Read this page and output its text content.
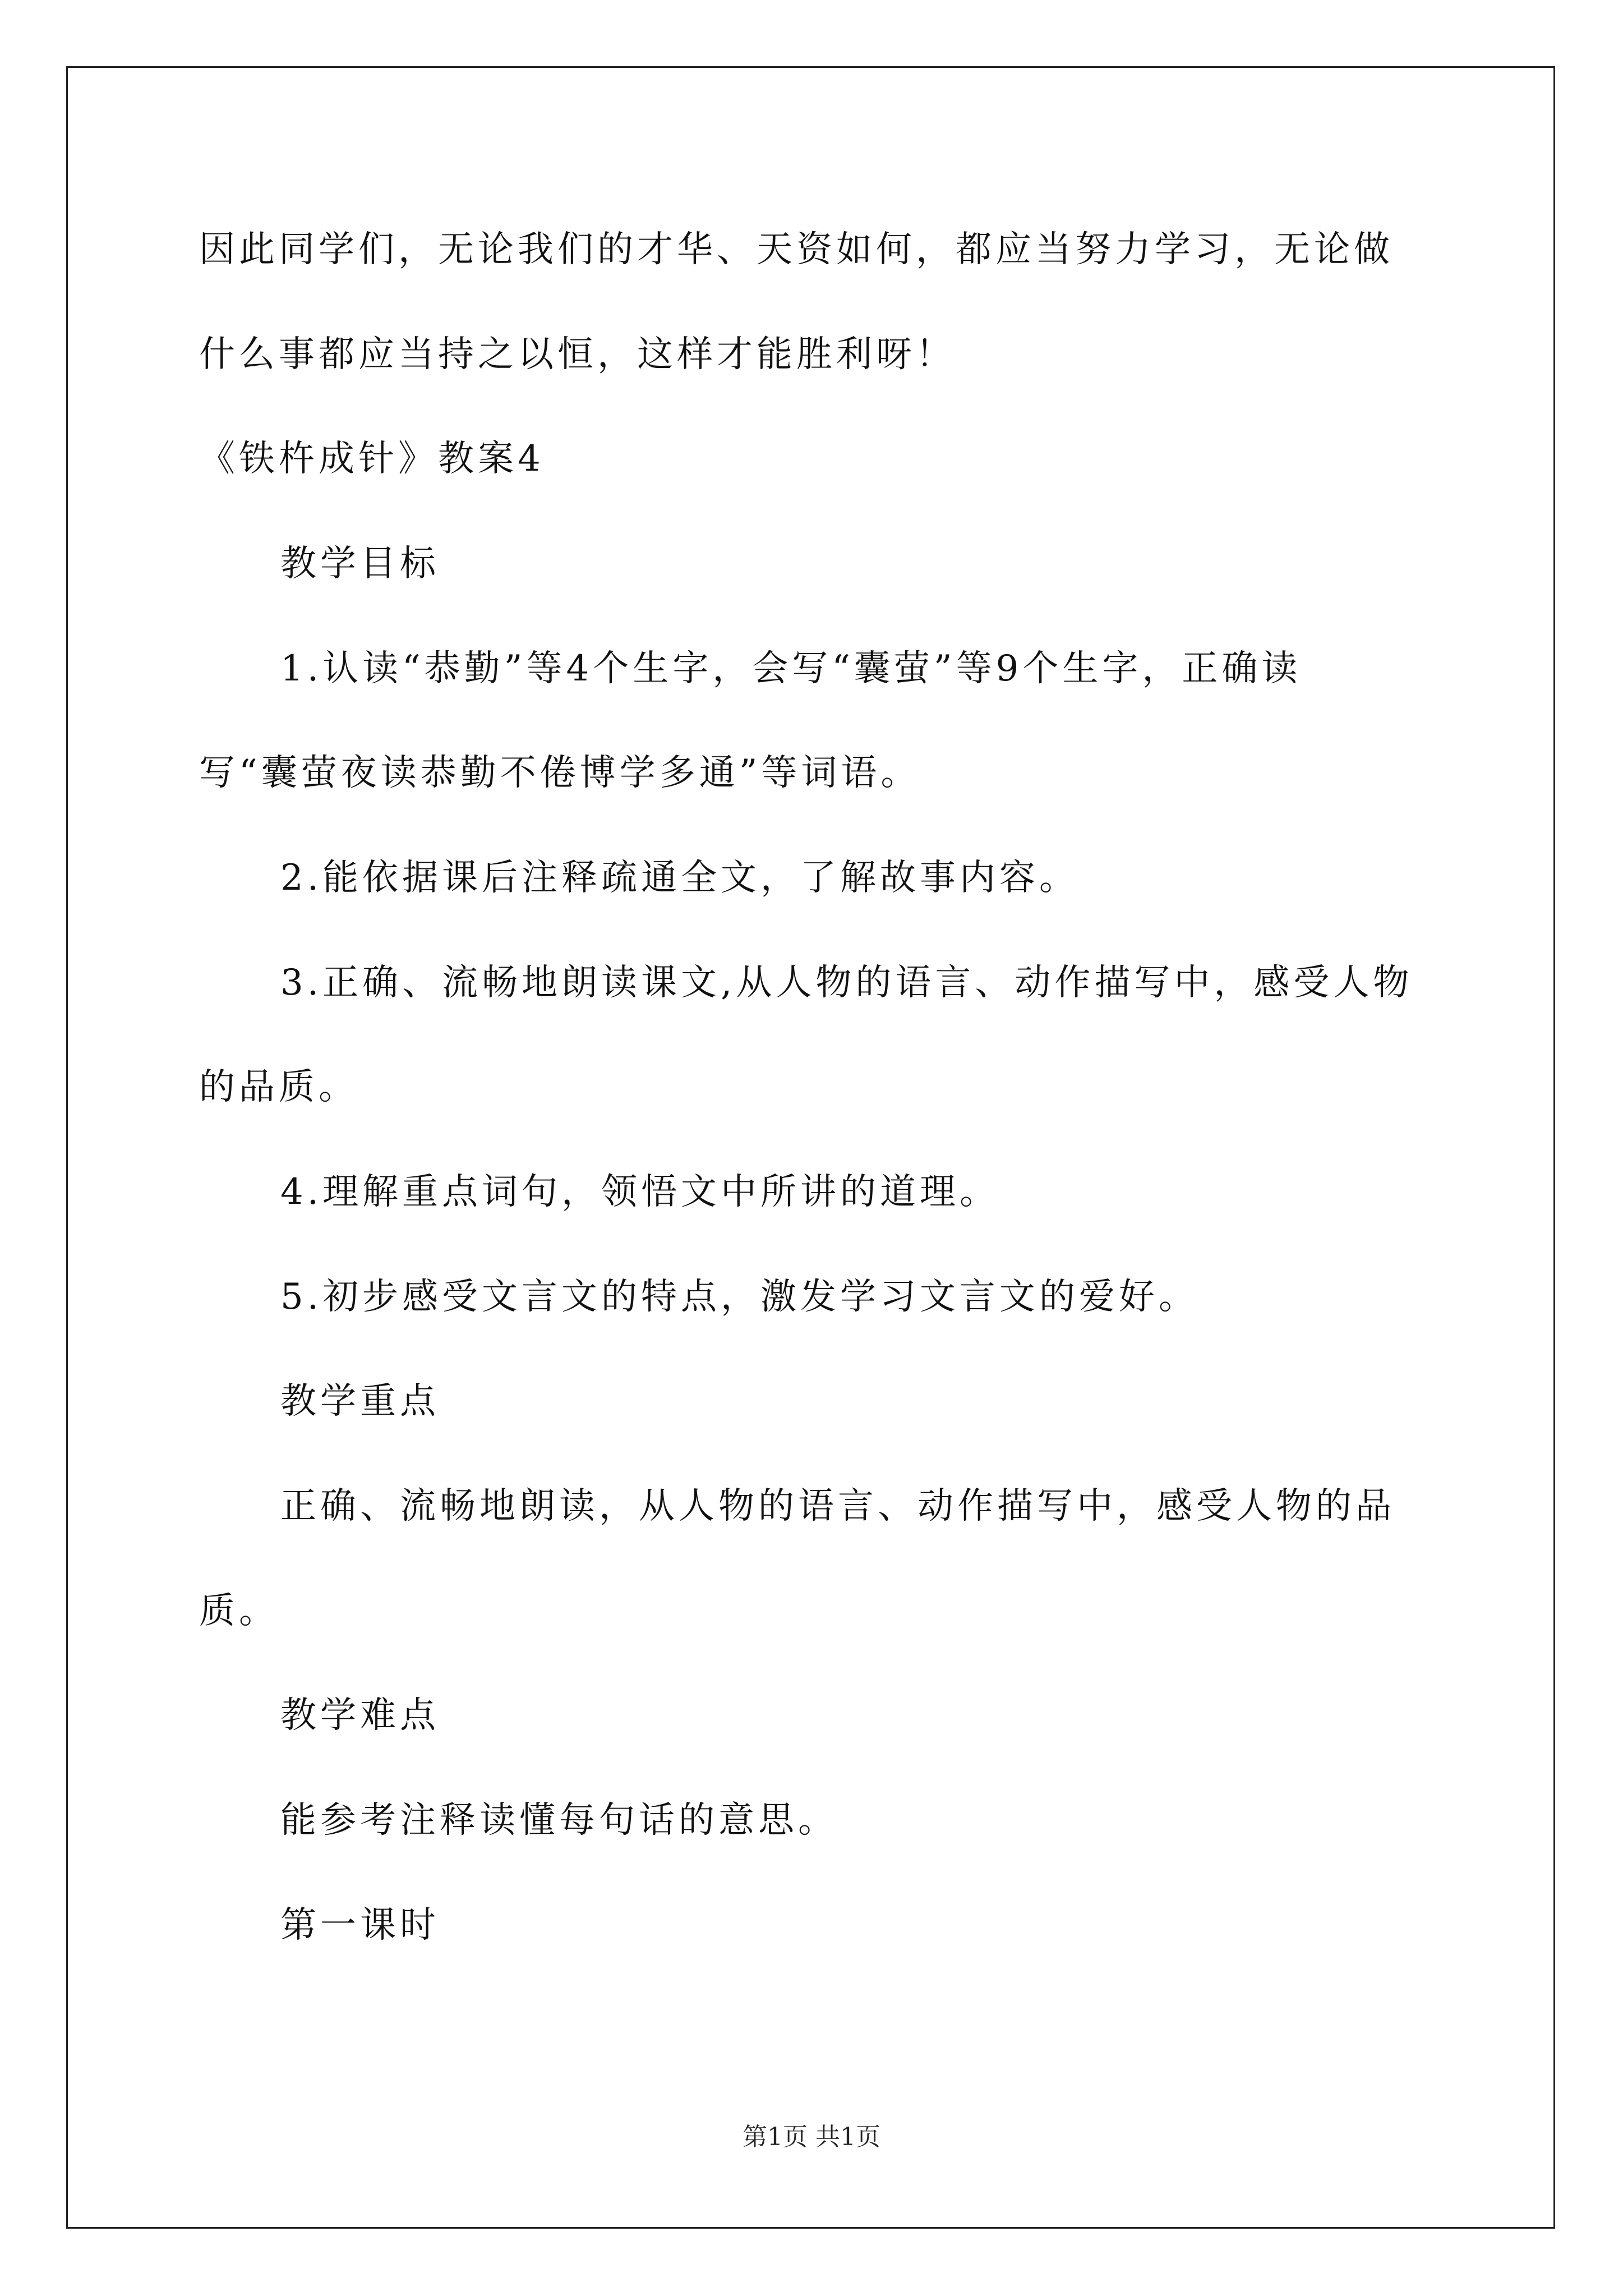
因此同学们，无论我们的才华、天资如何，都应当努力学习，无论做
什么事都应当持之以恒，这样才能胜利呀！
《铁杵成针》教案4
教学目标
1.认读“恭勤”等4个生字，会写“囊萤”等9个生字，正确读
写“囊萤夜读恭勤不倦博学多通”等词语。
2.能依据课后注释疏通全文，了解故事内容。
3.正确、流畅地朗读课文,从人物的语言、动作描写中，感受人物
的品质。
4.理解重点词句，领悟文中所讲的道理。
5.初步感受文言文的特点，激发学习文言文的爱好。
教学重点
正确、流畅地朗读，从人物的语言、动作描写中，感受人物的品
质。
教学难点
能参考注释读懂每句话的意思。
第一课时
第1页 共1页
